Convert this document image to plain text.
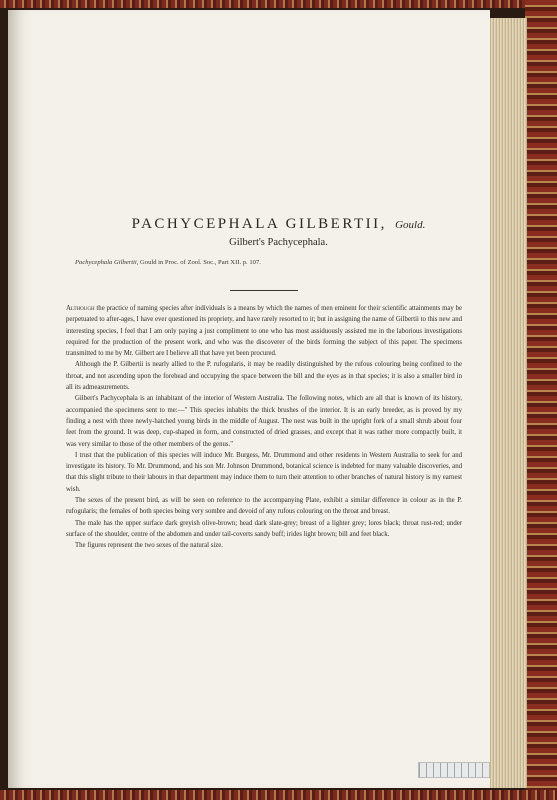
PACHYCEPHALA GILBERTII, Gould.
Gilbert's Pachycephala.
Pachycephala Gilbertii, Gould in Proc. of Zool. Soc., Part XII. p. 107.

Although the practice of naming species after individuals is a means by which the names of men eminent for their scientific attainments may be perpetuated to after-ages, I have ever questioned its propriety, and have rarely resorted to it; but in assigning the name of Gilbertii to this new and interesting species, I feel that I am only paying a just compliment to one who has most assiduously assisted me in the laborious investigations required for the production of the present work, and who was the discoverer of the birds forming the subject of this paper. The specimens transmitted to me by Mr. Gilbert are I believe all that have yet been procured.

Although the P. Gilbertii is nearly allied to the P. rufogularis, it may be readily distinguished by the rufous colouring being confined to the throat, and not ascending upon the forehead and occupying the space between the bill and the eyes as in that species; it is also a smaller bird in all its admeasurements.

Gilbert's Pachycephala is an inhabitant of the interior of Western Australia. The following notes, which are all that is known of its history, accompanied the specimens sent to me:—" This species inhabits the thick brushes of the interior. It is an early breeder, as is proved by my finding a nest with three newly-hatched young birds in the middle of August. The nest was built in the upright fork of a small shrub about four feet from the ground. It was deep, cup-shaped in form, and constructed of dried grasses, and except that it was rather more compactly built, it was very similar to those of the other members of the genus."

I trust that the publication of this species will induce Mr. Burgess, Mr. Drummond and other residents in Western Australia to seek for and investigate its history. To Mr. Drummond, and his son Mr. Johnson Drummond, botanical science is indebted for many valuable discoveries, and that this slight tribute to their labours in that department may induce them to turn their attention to other branches of natural history is my earnest wish.

The sexes of the present bird, as will be seen on reference to the accompanying Plate, exhibit a similar difference in colour as in the P. rufogularis; the females of both species being very sombre and devoid of any rufous colouring on the throat and breast.

The male has the upper surface dark greyish olive-brown; head dark slate-grey; breast of a lighter grey; lores black; throat rust-red; under surface of the shoulder, centre of the abdomen and under tail-coverts sandy buff; irides light brown; bill and feet black.

The figures represent the two sexes of the natural size.
